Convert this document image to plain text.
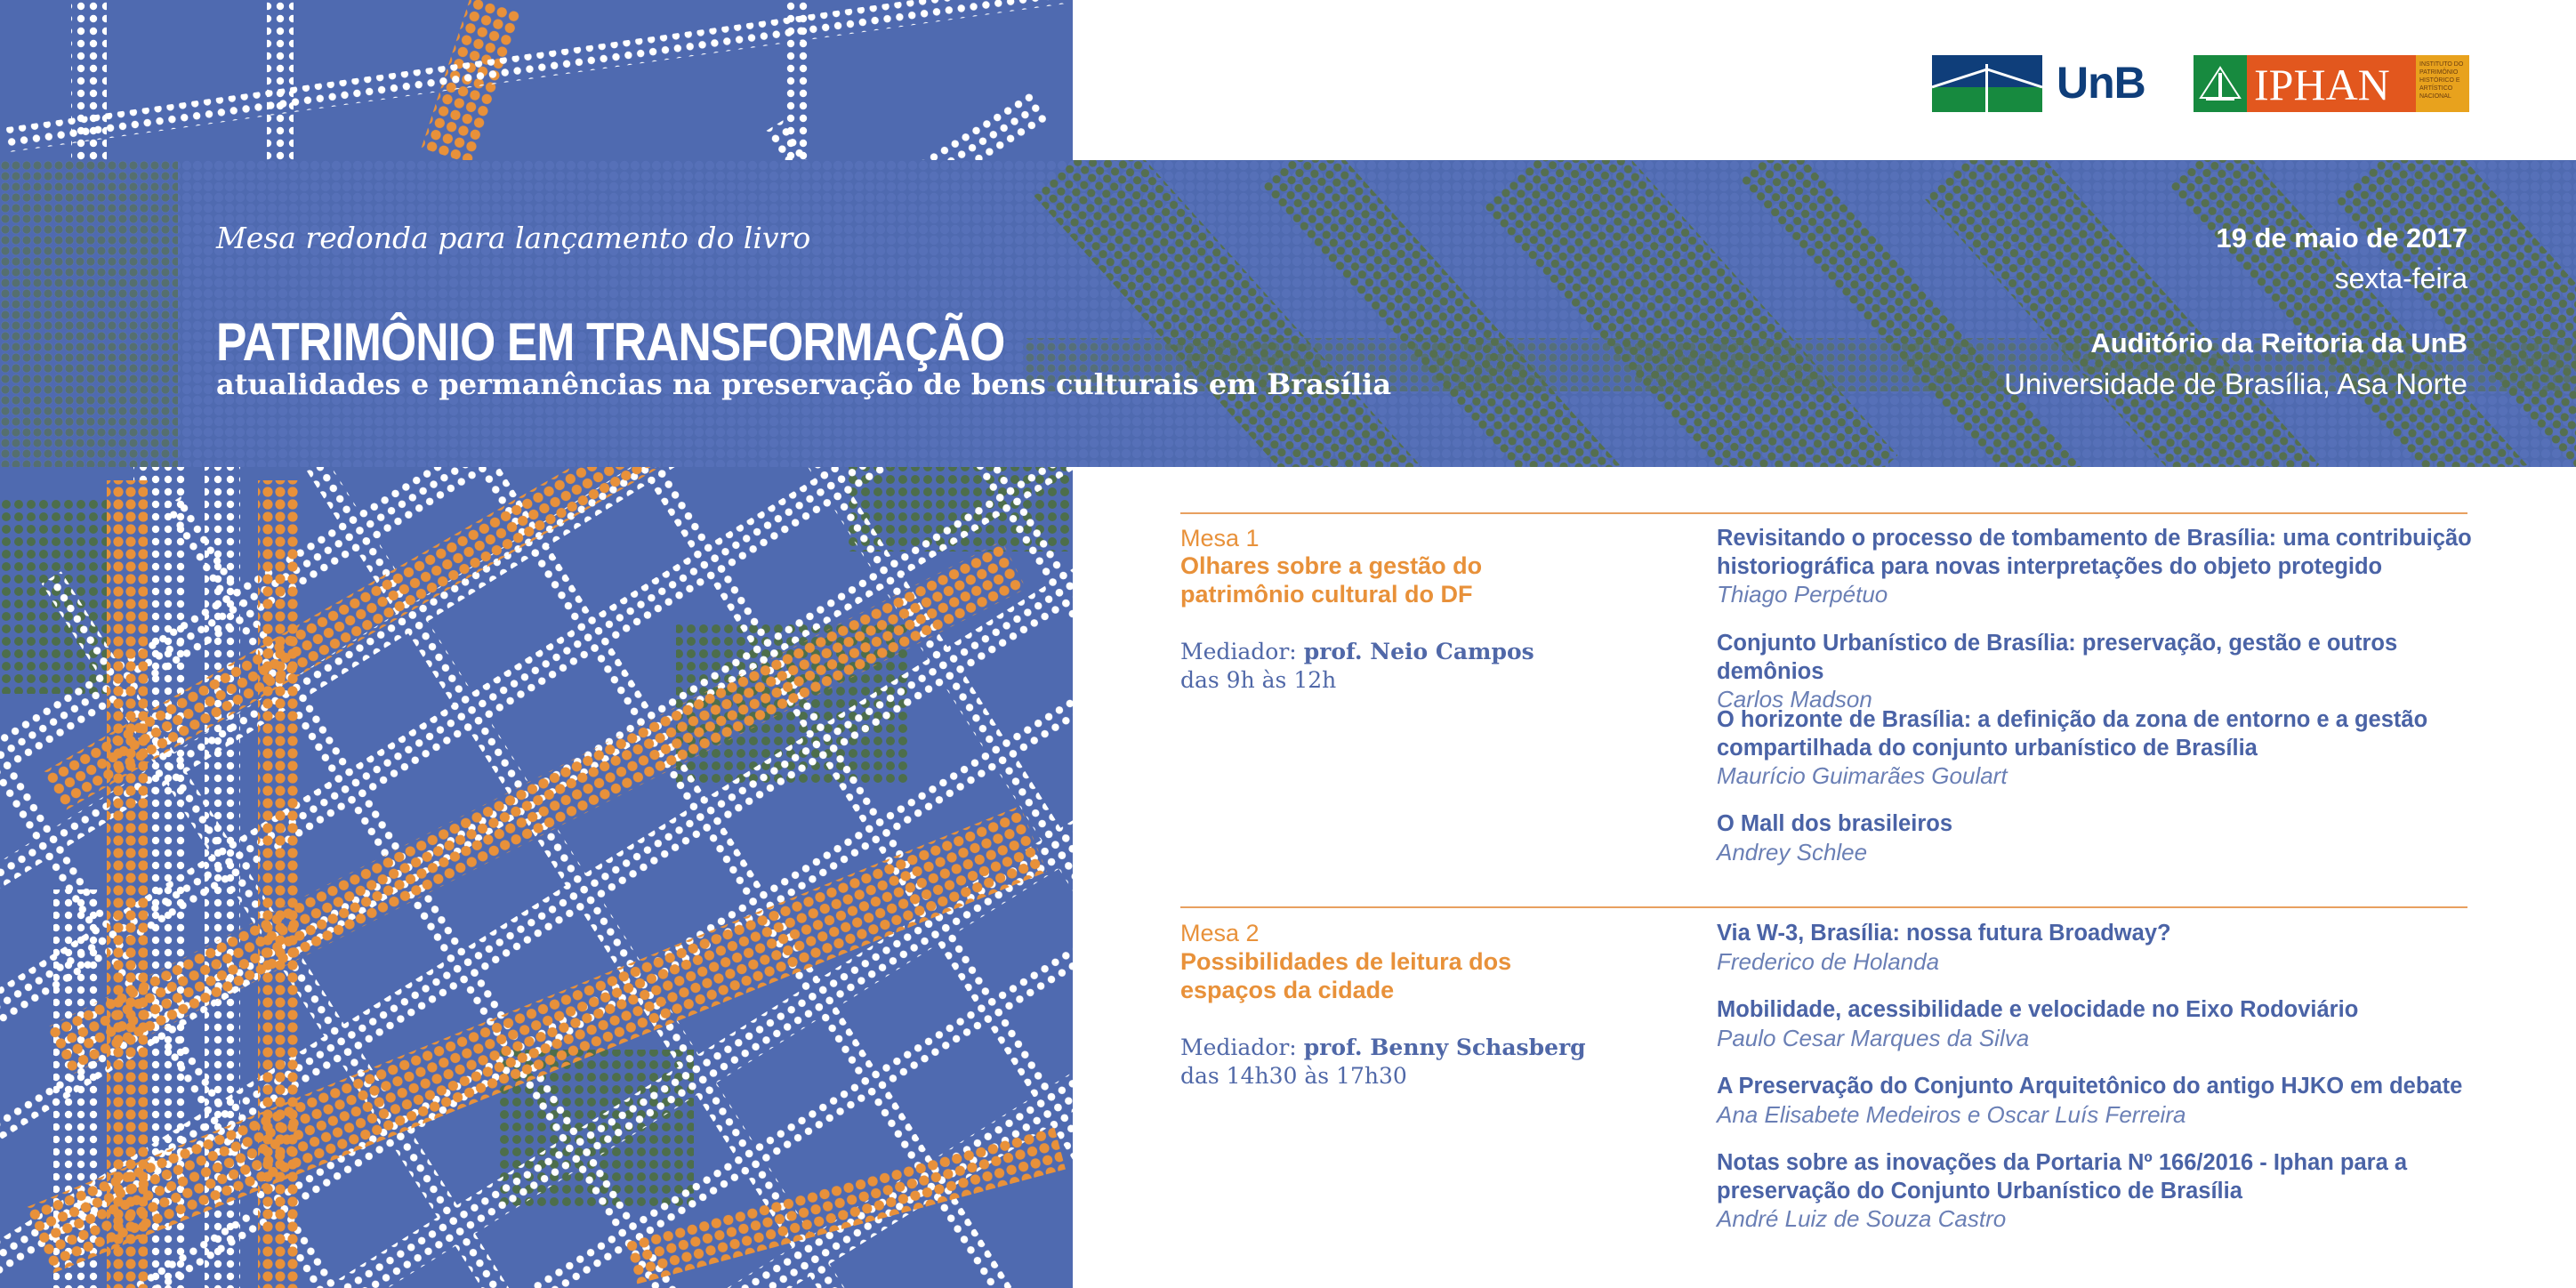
Mesa redonda para lançamento do livro
PATRIMÔNIO EM TRANSFORMAÇÃO
atualidades e permanências na preservação de bens culturais em Brasília
19 de maio de 2017
sexta-feira
Auditório da Reitoria da UnB
Universidade de Brasília, Asa Norte
UnB IPHAN	INSTITUTO DO PATRIMÔNIO HISTÓRICO E ARTÍSTICO NACIONAL
Mesa 1
Olhares sobre a gestão do patrimônio cultural do DF
Mediador: prof. Neio Campos
das 9h às 12h
Revisitando o processo de tombamento de Brasília: uma contribuição historiográfica para novas interpretações do objeto protegido
Thiago Perpétuo
Conjunto Urbanístico de Brasília: preservação, gestão e outros demônios
Carlos Madson
O horizonte de Brasília: a definição da zona de entorno e a gestão compartilhada do conjunto urbanístico de Brasília
Maurício Guimarães Goulart
O Mall dos brasileiros
Andrey Schlee
Mesa 2
Possibilidades de leitura dos espaços da cidade
Mediador: prof. Benny Schasberg
das 14h30 às 17h30
Via W-3, Brasília: nossa futura Broadway?
Frederico de Holanda
Mobilidade, acessibilidade e velocidade no Eixo Rodoviário
Paulo Cesar Marques da Silva
A Preservação do Conjunto Arquitetônico do antigo HJKO em debate
Ana Elisabete Medeiros e Oscar Luís Ferreira
Notas sobre as inovações da Portaria Nº 166/2016 - Iphan para a preservação do Conjunto Urbanístico de Brasília
André Luiz de Souza Castro
